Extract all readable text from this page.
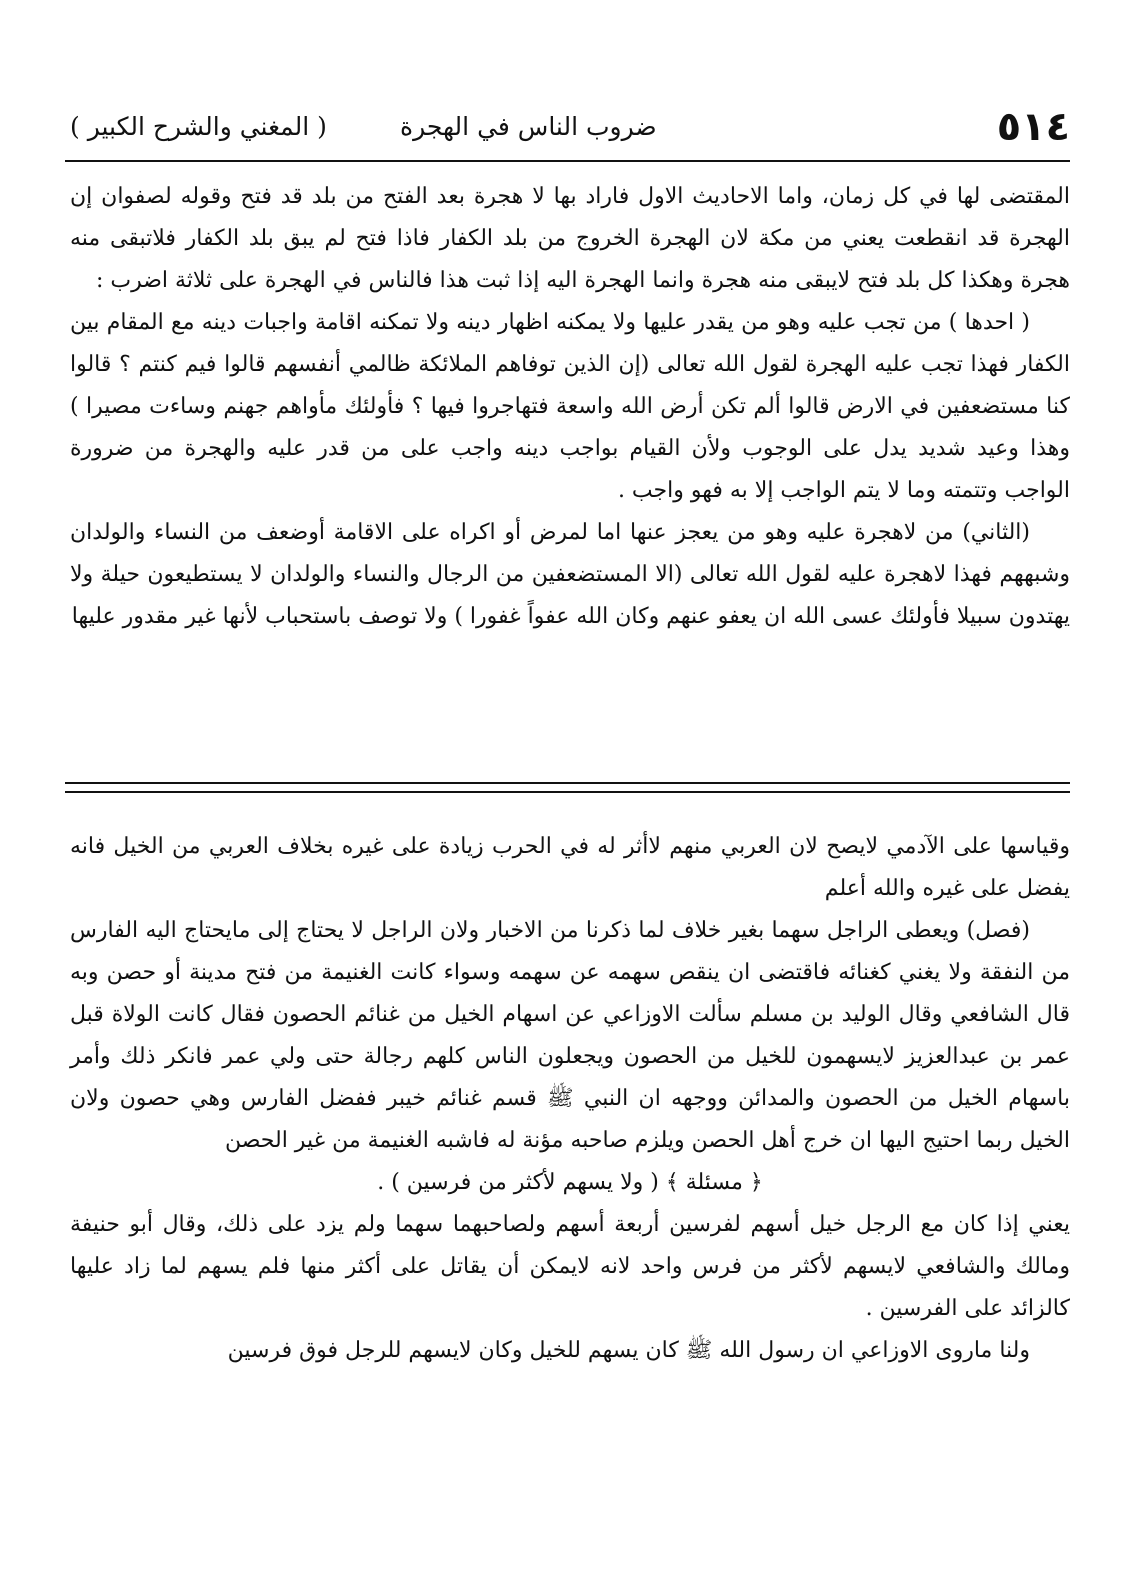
٥١٤
ضروب الناس في الهجرة
( المغني والشرح الكبير )

المقتضى لها في كل زمان، واما الاحاديث الاول فاراد بها لا هجرة بعد الفتح من بلد قد فتح وقوله لصفوان إن الهجرة قد انقطعت يعني من مكة لان الهجرة الخروج من بلد الكفار فاذا فتح لم يبق بلد الكفار فلاتبقى منه هجرة وهكذا كل بلد فتح لايبقى منه هجرة وانما الهجرة اليه إذا ثبت هذا فالناس في الهجرة على ثلاثة اضرب :

( احدها ) من تجب عليه وهو من يقدر عليها ولا يمكنه اظهار دينه ولا تمكنه اقامة واجبات دينه مع المقام بين الكفار فهذا تجب عليه الهجرة لقول الله تعالى (إن الذين توفاهم الملائكة ظالمي أنفسهم قالوا فيم كنتم ؟ قالوا كنا مستضعفين في الارض قالوا ألم تكن أرض الله واسعة فتهاجروا فيها ؟ فأولئك مأواهم جهنم وساءت مصيرا ) وهذا وعيد شديد يدل على الوجوب ولأن القيام بواجب دينه واجب على من قدر عليه والهجرة من ضرورة الواجب وتتمته وما لا يتم الواجب إلا به فهو واجب .

(الثاني) من لاهجرة عليه وهو من يعجز عنها اما لمرض أو اكراه على الاقامة أوضعف من النساء والولدان وشبههم فهذا لاهجرة عليه لقول الله تعالى (الا المستضعفين من الرجال والنساء والولدان لا يستطيعون حيلة ولا يهتدون سبيلا فأولئك عسى الله ان يعفو عنهم وكان الله عفواً غفورا ) ولا توصف باستحباب لأنها غير مقدور عليها

وقياسها على الآدمي لايصح لان العربي منهم لاأثر له في الحرب زيادة على غيره بخلاف العربي من الخيل فانه يفضل على غيره والله أعلم

(فصل) ويعطى الراجل سهما بغير خلاف لما ذكرنا من الاخبار ولان الراجل لا يحتاج إلى مايحتاج اليه الفارس من النفقة ولا يغني كغنائه فاقتضى ان ينقص سهمه عن سهمه وسواء كانت الغنيمة من فتح مدينة أو حصن وبه قال الشافعي وقال الوليد بن مسلم سألت الاوزاعي عن اسهام الخيل من غنائم الحصون فقال كانت الولاة قبل عمر بن عبدالعزيز لايسهمون للخيل من الحصون ويجعلون الناس كلهم رجالة حتى ولي عمر فانكر ذلك وأمر باسهام الخيل من الحصون والمدائن ووجهه ان النبي ﷺ قسم غنائم خيبر ففضل الفارس وهي حصون ولان الخيل ربما احتيج اليها ان خرج أهل الحصن ويلزم صاحبه مؤنة له فاشبه الغنيمة من غير الحصن

﴿ مسئلة ﴾ ( ولا يسهم لأكثر من فرسين ) .

يعني إذا كان مع الرجل خيل أسهم لفرسين أربعة أسهم ولصاحبهما سهما ولم يزد على ذلك، وقال أبو حنيفة ومالك والشافعي لايسهم لأكثر من فرس واحد لانه لايمكن أن يقاتل على أكثر منها فلم يسهم لما زاد عليها كالزائد على الفرسين .

ولنا ماروى الاوزاعي ان رسول الله ﷺ كان يسهم للخيل وكان لايسهم للرجل فوق فرسين
